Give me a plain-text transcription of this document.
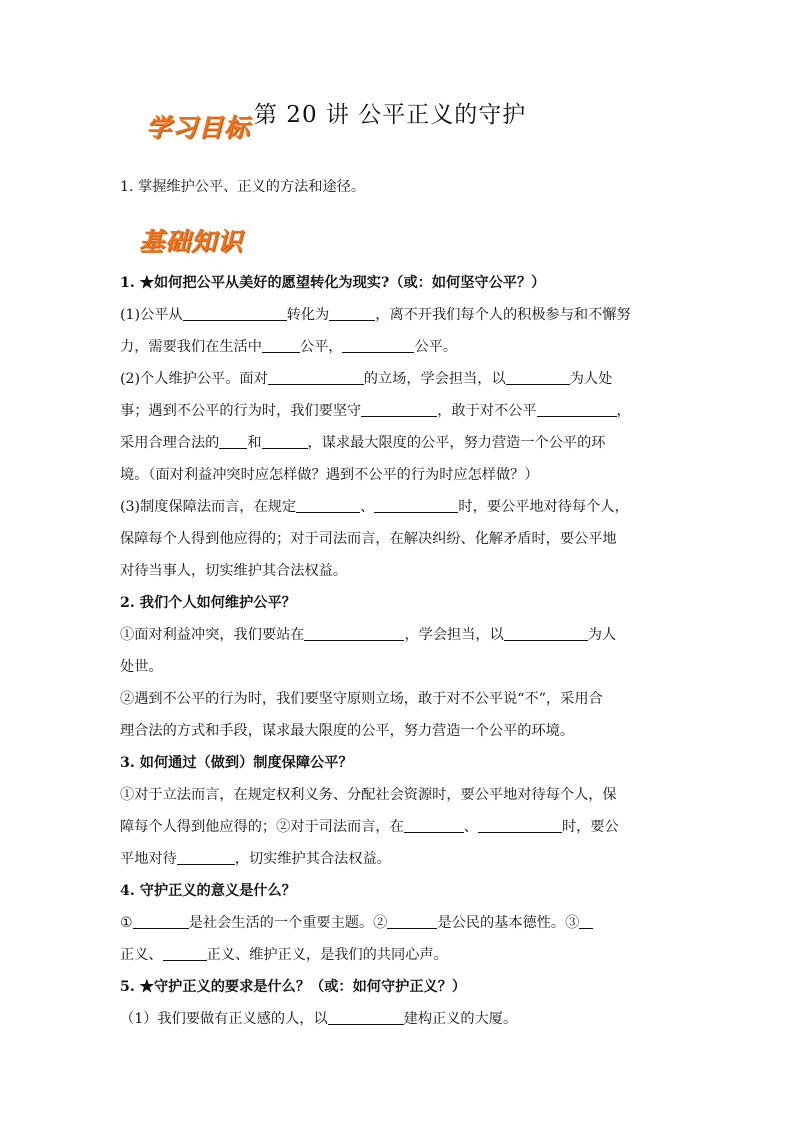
学习目标 第 20 讲 公平正义的守护
1. 掌握维护公平、正义的方法和途径。
基础知识
1. ★如何把公平从美好的愿望转化为现实?（或：如何坚守公平？）
(1)公平从	转化为	，离不开我们每个人的积极参与和不懈努
力，需要我们在生活中	公平，	公平。
(2)个人维护公平。面对	的立场，学会担当，以	为人处
事；遇到不公平的行为时，我们要坚守	，敢于对不公平	，
采用合理合法的 和	，谋求最大限度的公平，努力营造一个公平的环
境。（面对利益冲突时应怎样做？遇到不公平的行为时应怎样做？）
(3)制度保障法而言，在规定	、	时，要公平地对待每个人，
保障每个人得到他应得的；对于司法而言，在解决纠纷、化解矛盾时，要公平地
对待当事人，切实维护其合法权益。
2. 我们个人如何维护公平？
①面对利益冲突，我们要站在	，学会担当，以	为人
处世。
②遇到不公平的行为时，我们要坚守原则立场，敢于对不公平说“不”，采用合
理合法的方式和手段，谋求最大限度的公平，努力营造一个公平的环境。
3. 如何通过（做到）制度保障公平？
①对于立法而言，在规定权利义务、分配社会资源时，要公平地对待每个人，保
障每个人得到他应得的；②对于司法而言，在	、	时，要公
平地对待	，切实维护其合法权益。
4. 守护正义的意义是什么？
①	是社会生活的一个重要主题。②	是公民的基本德性。③
正义、	正义、维护正义，是我们的共同心声。
5. ★守护正义的要求是什么？（或：如何守护正义？）
（1）我们要做有正义感的人，以	建构正义的大厦。
